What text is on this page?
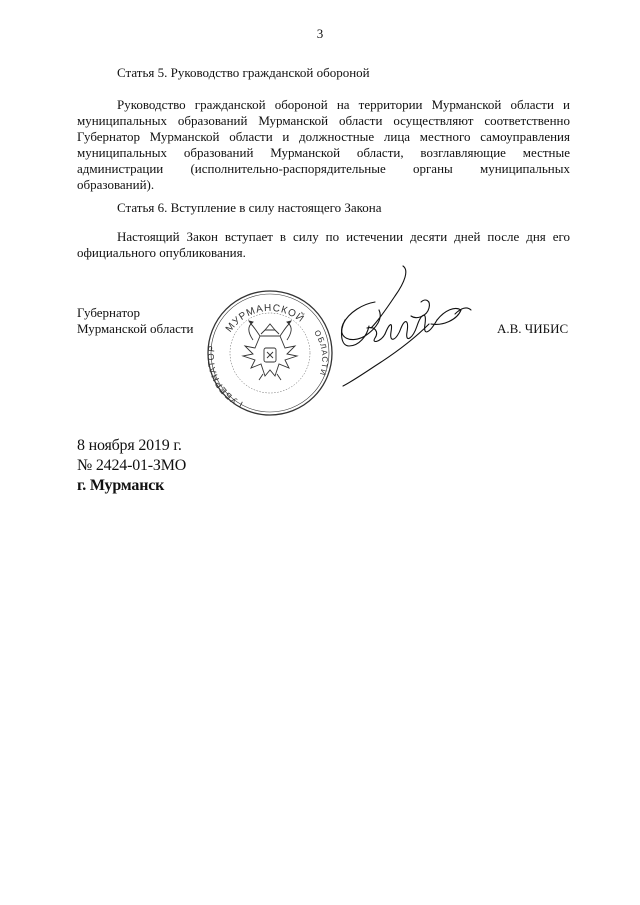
3
Статья 5. Руководство гражданской обороной
Руководство гражданской обороной на территории Мурманской области и муниципальных образований Мурманской области осуществляют соответственно Губернатор Мурманской области и должностные лица местного самоуправления муниципальных образований Мурманской области, возглавляющие местные администрации (исполнительно-распорядительные органы муниципальных образований).
Статья 6. Вступление в силу настоящего Закона
Настоящий Закон вступает в силу по истечении десяти дней после дня его официального опубликования.
Губернатор
Мурманской области	МУРМАНСКОЙ
ГУБЕРНАТОР
ОБЛАСТИ
А.В. ЧИБИС
8 ноября 2019 г.
№ 2424-01-ЗМО
г. Мурманск
